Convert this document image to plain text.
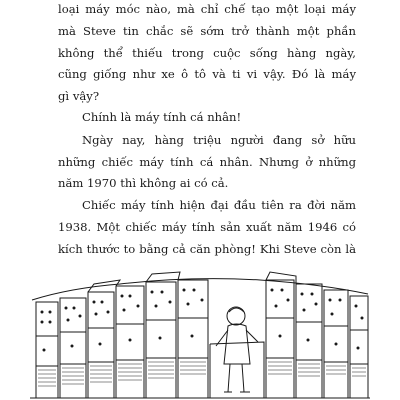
loại máy móc nào, mà chỉ chế tạo một loại máy
mà Steve tin chắc sẽ sớm trở thành một phần
không thể thiếu trong cuộc sống hàng ngày,
cũng giống như xe ô tô và ti vi vậy. Đó là máy
gì vậy?
Chính là máy tính cá nhân!
Ngày nay, hàng triệu người đang sở hữu
những chiếc máy tính cá nhân. Nhưng ở những
năm 1970 thì không ai có cả.
Chiếc máy tính hiện đại đầu tiên ra đời năm
1938. Một chiếc máy tính sản xuất năm 1946 có
kích thước to bằng cả căn phòng! Khi Steve còn là
